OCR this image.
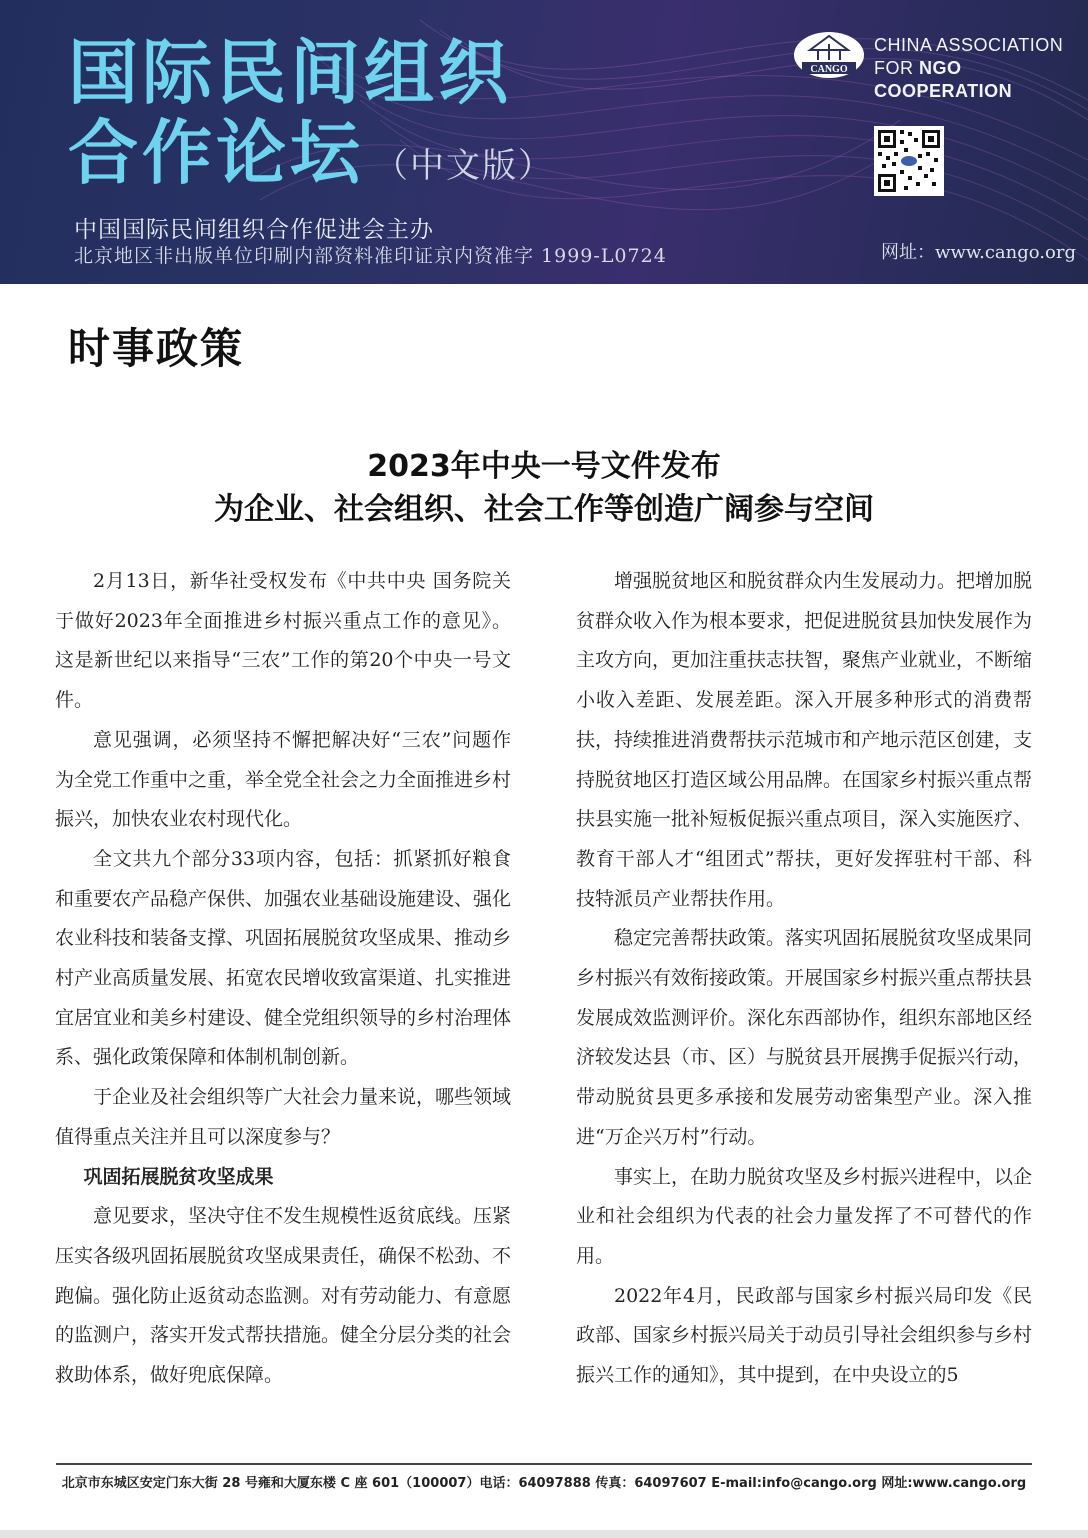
国际民间组织
合作论坛 （中文版）

中国国际民间组织合作促进会主办

北京地区非出版单位印刷内部资料准印证京内资准字 1999-L0724

CANGO
CHINA ASSOCIATION
FOR NGO COOPERATION

网址：www.cango.org

时事政策
2023年中央一号文件发布
为企业、社会组织、社会工作等创造广阔参与空间

2月13日，新华社受权发布《中共中央 国务院关于做好2023年全面推进乡村振兴重点工作的意见》。这是新世纪以来指导“三农”工作的第20个中央一号文件。

意见强调，必须坚持不懈把解决好“三农”问题作为全党工作重中之重，举全党全社会之力全面推进乡村振兴，加快农业农村现代化。

全文共九个部分33项内容，包括：抓紧抓好粮食和重要农产品稳产保供、加强农业基础设施建设、强化农业科技和装备支撑、巩固拓展脱贫攻坚成果、推动乡村产业高质量发展、拓宽农民增收致富渠道、扎实推进宜居宜业和美乡村建设、健全党组织领导的乡村治理体系、强化政策保障和体制机制创新。

于企业及社会组织等广大社会力量来说，哪些领域值得重点关注并且可以深度参与？

巩固拓展脱贫攻坚成果

意见要求，坚决守住不发生规模性返贫底线。压紧压实各级巩固拓展脱贫攻坚成果责任，确保不松劲、不跑偏。强化防止返贫动态监测。对有劳动能力、有意愿的监测户，落实开发式帮扶措施。健全分层分类的社会救助体系，做好兜底保障。

增强脱贫地区和脱贫群众内生发展动力。把增加脱贫群众收入作为根本要求，把促进脱贫县加快发展作为主攻方向，更加注重扶志扶智，聚焦产业就业，不断缩小收入差距、发展差距。深入开展多种形式的消费帮扶，持续推进消费帮扶示范城市和产地示范区创建，支持脱贫地区打造区域公用品牌。在国家乡村振兴重点帮扶县实施一批补短板促振兴重点项目，深入实施医疗、教育干部人才“组团式”帮扶，更好发挥驻村干部、科技特派员产业帮扶作用。

稳定完善帮扶政策。落实巩固拓展脱贫攻坚成果同乡村振兴有效衔接政策。开展国家乡村振兴重点帮扶县发展成效监测评价。深化东西部协作，组织东部地区经济较发达县（市、区）与脱贫县开展携手促振兴行动，带动脱贫县更多承接和发展劳动密集型产业。深入推进“万企兴万村”行动。

事实上，在助力脱贫攻坚及乡村振兴进程中，以企业和社会组织为代表的社会力量发挥了不可替代的作用。

2022年4月，民政部与国家乡村振兴局印发《民政部、国家乡村振兴局关于动员引导社会组织参与乡村振兴工作的通知》，其中提到，在中央设立的5

北京市东城区安定门东大街 28 号雍和大厦东楼 C 座 601（100007）电话：64097888 传真：64097607 E-mail:info@cango.org 网址:www.cango.org
